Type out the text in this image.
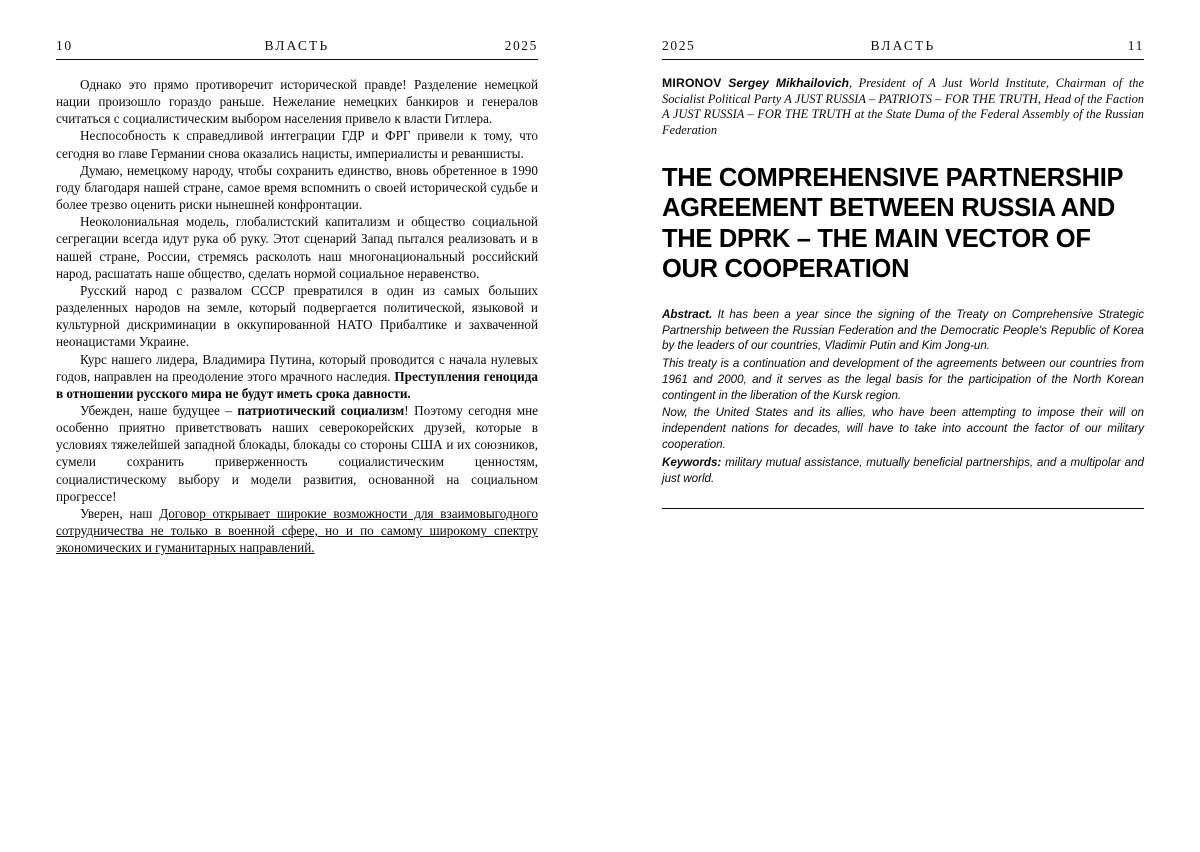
10	ВЛАСТЬ	2025

Однако это прямо противоречит исторической правде! Разделение немецкой нации произошло гораздо раньше. Нежелание немецких банкиров и генералов считаться с социалистическим выбором населения привело к власти Гитлера.

Неспособность к справедливой интеграции ГДР и ФРГ привели к тому, что сегодня во главе Германии снова оказались нацисты, империалисты и реваншисты.

Думаю, немецкому народу, чтобы сохранить единство, вновь обретенное в 1990 году благодаря нашей стране, самое время вспомнить о своей исторической судьбе и более трезво оценить риски нынешней конфронтации.

Неоколониальная модель, глобалистский капитализм и общество социальной сегрегации всегда идут рука об руку. Этот сценарий Запад пытался реализовать и в нашей стране, России, стремясь расколоть наш многонациональный российский народ, расшатать наше общество, сделать нормой социальное неравенство.

Русский народ с развалом СССР превратился в один из самых больших разделенных народов на земле, который подвергается политической, языковой и культурной дискриминации в оккупированной НАТО Прибалтике и захваченной неонацистами Украине.

Курс нашего лидера, Владимира Путина, который проводится с начала нулевых годов, направлен на преодоление этого мрачного наследия. Преступления геноцида в отношении русского мира не будут иметь срока давности.

Убежден, наше будущее – патриотический социализм! Поэтому сегодня мне особенно приятно приветствовать наших северокорейских друзей, которые в условиях тяжелейшей западной блокады, блокады со стороны США и их союзников, сумели сохранить приверженность социалистическим ценностям, социалистическому выбору и модели развития, основанной на социальном прогрессе!

Уверен, наш Договор открывает широкие возможности для взаимовыгодного сотрудничества не только в военной сфере, но и по самому широкому спектру экономических и гуманитарных направлений.

2025	ВЛАСТЬ	11
MIRONOV Sergey Mikhailovich, President of A Just World Institute, Chairman of the Socialist Political Party A JUST RUSSIA – PATRIOTS – FOR THE TRUTH, Head of the Faction A JUST RUSSIA – FOR THE TRUTH at the State Duma of the Federal Assembly of the Russian Federation
THE COMPREHENSIVE PARTNERSHIP AGREEMENT BETWEEN RUSSIA AND THE DPRK – THE MAIN VECTOR OF OUR COOPERATION

Abstract. It has been a year since the signing of the Treaty on Comprehensive Strategic Partnership between the Russian Federation and the Democratic People's Republic of Korea by the leaders of our countries, Vladimir Putin and Kim Jong-un.

This treaty is a continuation and development of the agreements between our countries from 1961 and 2000, and it serves as the legal basis for the participation of the North Korean contingent in the liberation of the Kursk region.

Now, the United States and its allies, who have been attempting to impose their will on independent nations for decades, will have to take into account the factor of our military cooperation.

Keywords: military mutual assistance, mutually beneficial partnerships, and a multipolar and just world.
